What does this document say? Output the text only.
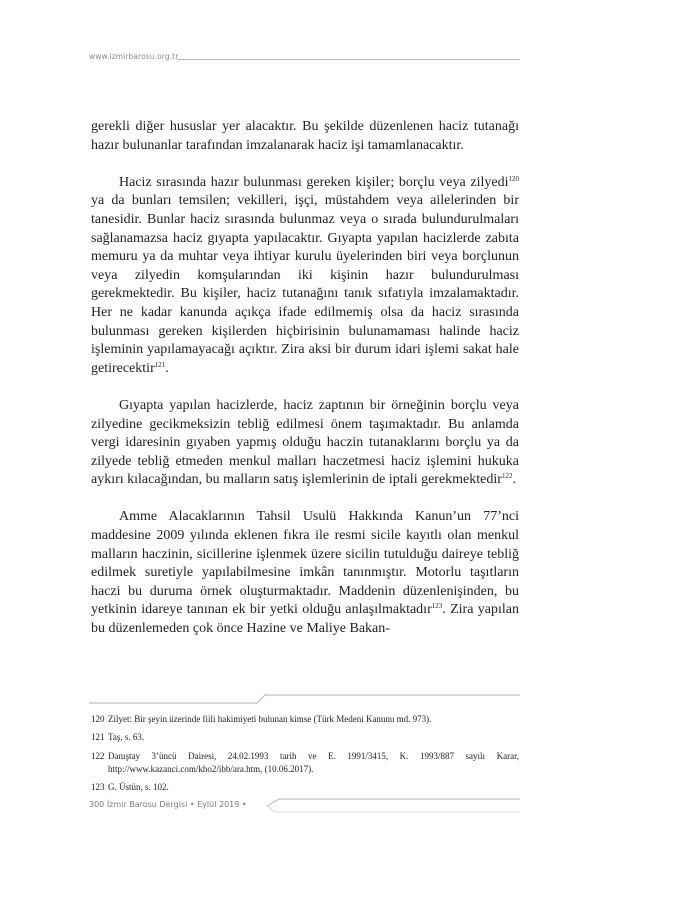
www.izmirbarosu.org.tr

gerekli diğer hususlar yer alacaktır. Bu şekilde düzenlenen haciz tutanağı hazır bulunanlar tarafından imzalanarak haciz işi tamamlanacaktır.

Haciz sırasında hazır bulunması gereken kişiler; borçlu veya zilyedi$^{120}$ ya da bunları temsilen; vekilleri, işçi, müstahdem veya ailelerinden bir tanesidir. Bunlar haciz sırasında bulunmaz veya o sırada bulundurulmaları sağlanamazsa haciz gıyapta yapılacaktır. Gıyapta yapılan hacizlerde zabıta memuru ya da muhtar veya ihtiyar kurulu üyelerinden biri veya borçlunun veya zilyedin komşularından iki kişinin hazır bulundurulması gerekmektedir. Bu kişiler, haciz tutanağını tanık sıfatıyla imzalamaktadır. Her ne kadar kanunda açıkça ifade edilmemiş olsa da haciz sırasında bulunması gereken kişilerden hiçbirisinin bulunamaması halinde haciz işleminin yapılamayacağı açıktır. Zira aksi bir durum idari işlemi sakat hale getirecektir$^{121}$.

Gıyapta yapılan hacizlerde, haciz zaptının bir örneğinin borçlu veya zilyedine gecikmeksizin tebliğ edilmesi önem taşımaktadır. Bu anlamda vergi idaresinin gıyaben yapmış olduğu haczin tutanaklarını borçlu ya da zilyede tebliğ etmeden menkul malları haczetmesi haciz işlemini hukuka aykırı kılacağından, bu malların satış işlemlerinin de iptali gerekmektedir$^{122}$.

Amme Alacaklarının Tahsil Usulü Hakkında Kanun’un 77’nci maddesine 2009 yılında eklenen fıkra ile resmi sicile kayıtlı olan menkul malların haczinin, sicillerine işlenmek üzere sicilin tutulduğu daireye tebliğ edilmek suretiyle yapılabilmesine imkân tanınmıştır. Motorlu taşıtların haczi bu duruma örnek oluşturmaktadır. Maddenin düzenlenişinden, bu yetkinin idareye tanınan ek bir yetki olduğu anlaşılmaktadır$^{123}$. Zira yapılan bu düzenlemeden çok önce Hazine ve Maliye Bakan-

120 Zilyet: Bir şeyin üzerinde fiili hakimiyeti bulunan kimse (Türk Medeni Kanunu md. 973).
121 Taş, s. 63.
122 Danıştay 3’üncü Dairesi, 24.02.1993 tarih ve E. 1991/3415, K. 1993/887 sayılı Karar, http://www.kazanci.com/kho2/ibb/ara.htm, (10.06.2017).
123 G. Üstün, s. 102.
300 İzmir Barosu Dergisi • Eylül 2019 •
